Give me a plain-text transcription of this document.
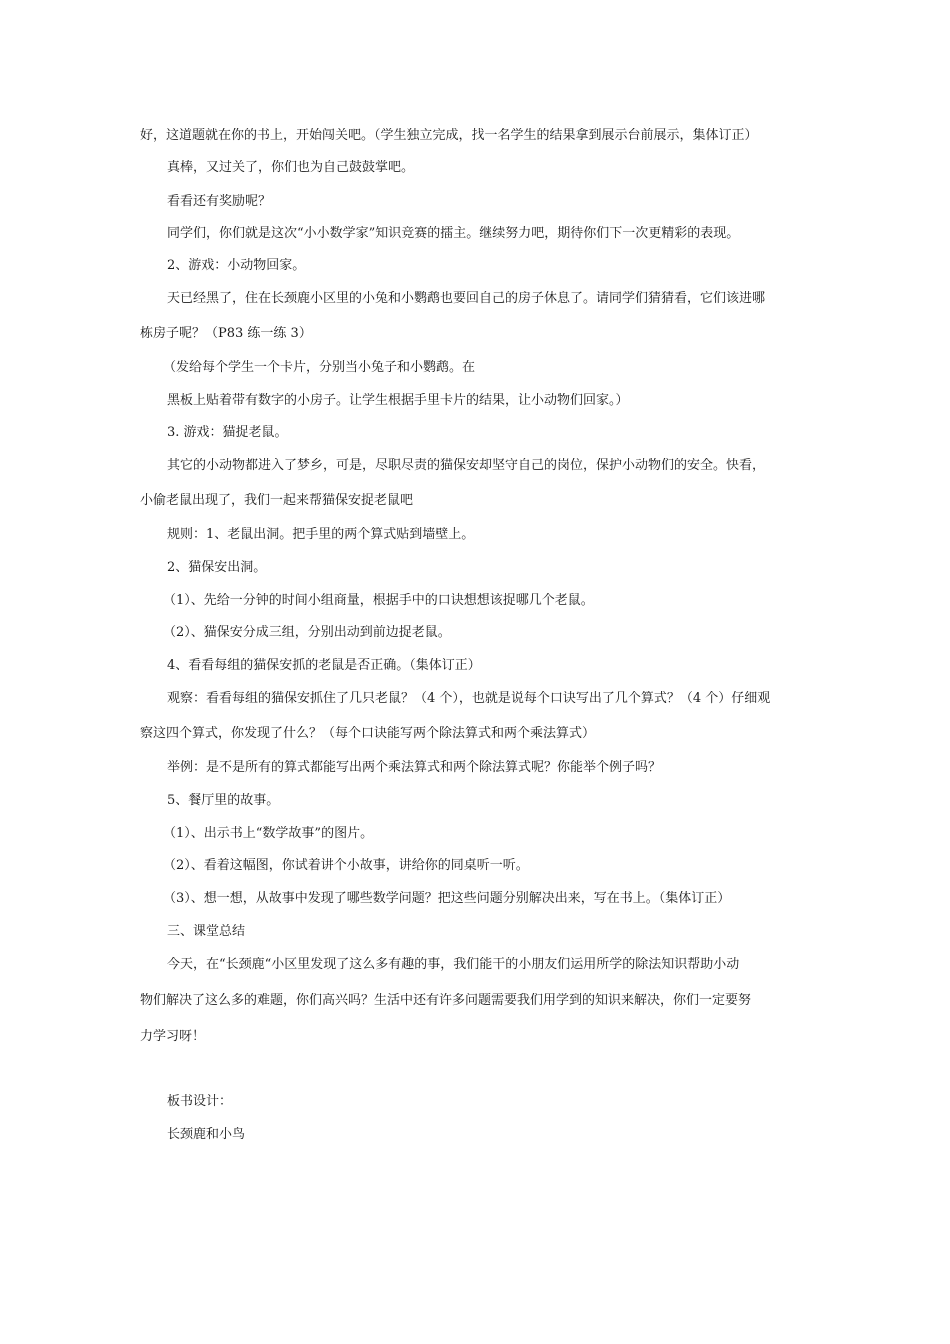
好，这道题就在你的书上，开始闯关吧。（学生独立完成，找一名学生的结果拿到展示台前展示，集体订正）
真棒，又过关了，你们也为自己鼓鼓掌吧。
看看还有奖励呢？
同学们，你们就是这次“小小数学家”知识竞赛的擂主。继续努力吧，期待你们下一次更精彩的表现。
2、游戏：小动物回家。
天已经黑了，住在长颈鹿小区里的小兔和小鹦鹉也要回自己的房子休息了。请同学们猜猜看，它们该进哪
栋房子呢？（P83 练一练 3）
（发给每个学生一个卡片，分别当小兔子和小鹦鹉。在
黑板上贴着带有数字的小房子。让学生根据手里卡片的结果，让小动物们回家。）
3. 游戏：猫捉老鼠。
其它的小动物都进入了梦乡，可是，尽职尽责的猫保安却坚守自己的岗位，保护小动物们的安全。快看，
小偷老鼠出现了，我们一起来帮猫保安捉老鼠吧
规则：1、老鼠出洞。把手里的两个算式贴到墙壁上。
2、猫保安出洞。
（1）、先给一分钟的时间小组商量，根据手中的口诀想想该捉哪几个老鼠。
（2）、猫保安分成三组，分别出动到前边捉老鼠。
4、看看每组的猫保安抓的老鼠是否正确。（集体订正）
观察：看看每组的猫保安抓住了几只老鼠？（4 个），也就是说每个口诀写出了几个算式？（4 个）仔细观
察这四个算式，你发现了什么？（每个口诀能写两个除法算式和两个乘法算式）
举例：是不是所有的算式都能写出两个乘法算式和两个除法算式呢？你能举个例子吗？
5、餐厅里的故事。
（1）、出示书上“数学故事”的图片。
（2）、看着这幅图，你试着讲个小故事，讲给你的同桌听一听。
（3）、想一想，从故事中发现了哪些数学问题？把这些问题分别解决出来，写在书上。（集体订正）
三、课堂总结
今天，在“长颈鹿“小区里发现了这么多有趣的事，我们能干的小朋友们运用所学的除法知识帮助小动
物们解决了这么多的难题，你们高兴吗？生活中还有许多问题需要我们用学到的知识来解决，你们一定要努
力学习呀！
板书设计：
长颈鹿和小鸟
